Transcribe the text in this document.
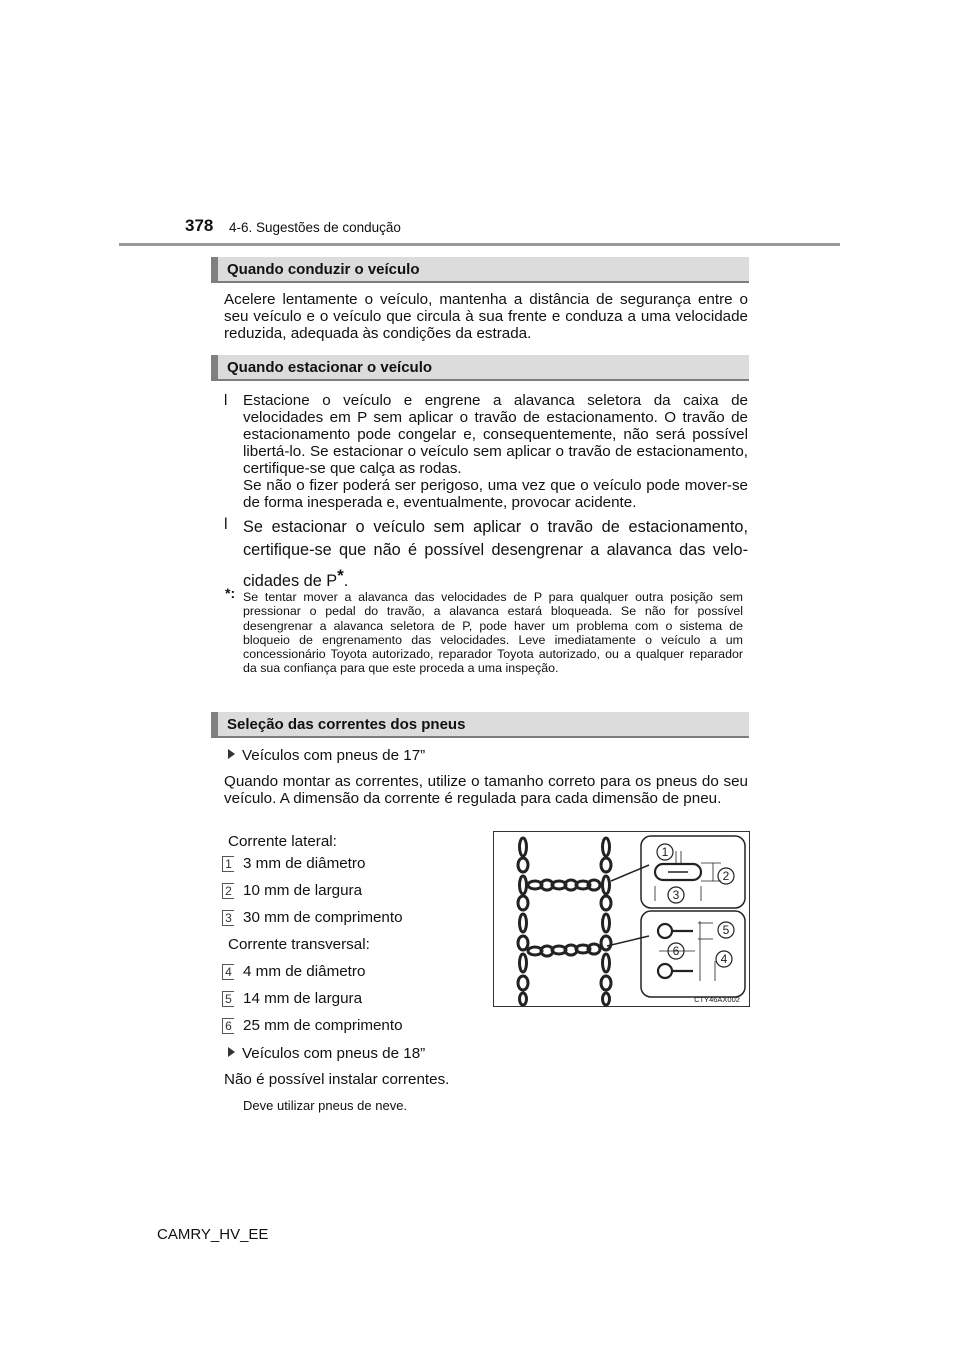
378 4-6. Sugestões de condução
Quando conduzir o veículo
Acelere lentamente o veículo, mantenha a distância de segurança entre o seu veículo e o veículo que circula à sua frente e conduza a uma velocidade reduzida, adequada às condições da estrada.
Quando estacionar o veículo
l Estacione o veículo e engrene a alavanca seletora da caixa de velocidades em P sem aplicar o travão de estacionamento. O travão de estacionamento pode congelar e, consequentemente, não será possível libertá-lo. Se estacionar o veículo sem aplicar o travão de estacionamento, certifique-se que calça as rodas.
Se não o fizer poderá ser perigoso, uma vez que o veículo pode mover-se de forma inesperada e, eventualmente, provocar acidente.
l Se estacionar o veículo sem aplicar o travão de estacionamento,
certifique-se que não é possível desengrenar a alavanca das velo-
cidades de P*.
*: Se tentar mover a alavanca das velocidades de P para qualquer outra posição sem pressionar o pedal do travão, a alavanca estará bloqueada. Se não for possível desengrenar a alavanca seletora de P, pode haver um problema com o sistema de bloqueio de engrenamento das velocidades. Leve imediatamente o veículo a um concessionário Toyota autorizado, reparador Toyota autorizado, ou a qualquer reparador da sua confiança para que este proceda a uma inspeção.
Seleção das correntes dos pneus
Veículos com pneus de 17”
Quando montar as correntes, utilize o tamanho correto para os pneus do seu veículo. A dimensão da corrente é regulada para cada dimensão de pneu.
Corrente lateral:
1 3 mm de diâmetro
2 10 mm de largura
3 30 mm de comprimento
Corrente transversal:
4 4 mm de diâmetro
5 14 mm de largura
6 25 mm de comprimento
Veículos com pneus de 18”
Não é possível instalar correntes.
Deve utilizar pneus de neve.
1
2
3
4
5
6
CTY46AX002
CAMRY_HV_EE
